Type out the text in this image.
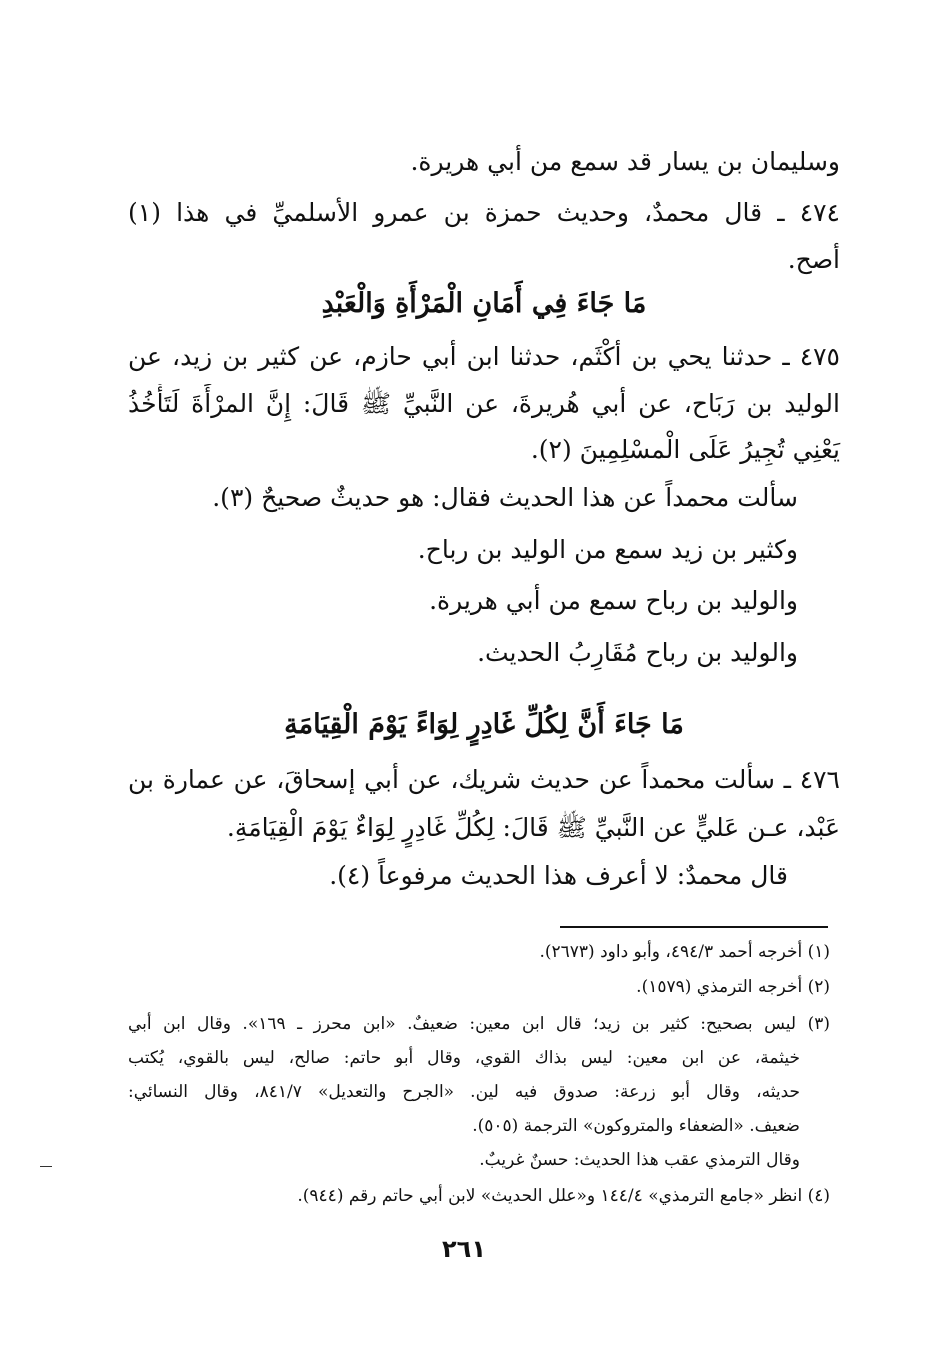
وسليمان بن يسار قد سمع من أبي هريرة.
٤٧٤ ـ قال محمدٌ، وحديث حمزة بن عمرو الأسلميِّ في هذا (١)
أصح.
مَا جَاءَ فِي أَمَانِ الْمَرْأَةِ وَالْعَبْدِ
٤٧٥ ـ حدثنا يحي بن أكْثَم، حدثنا ابن أبي حازم، عن كثير بن زيد، عن
الوليد بن رَبَاح، عن أبي هُريرةَ، عن النَّبيِّ ﷺ قَالَ: إِنَّ المرْأَةَ لَتَأْخُذُ
يَعْنِي تُجِيرُ عَلَى الْمسْلِمِينَ (٢).
سألت محمداً عن هذا الحديث فقال: هو حديثٌ صحيحٌ (٣).
وكثير بن زيد سمع من الوليد بن رباح.
والوليد بن رباح سمع من أبي هريرة.
والوليد بن رباح مُقَارِبُ الحديث.
مَا جَاءَ أَنَّ لِكُلِّ غَادِرٍ لِوَاءً يَوْمَ الْقِيَامَةِ
٤٧٦ ـ سألت محمداً عن حديث شريك، عن أبي إسحاقَ، عن عمارة بن
عَبْد، عـن عَليٍّ عن النَّبيِّ ﷺ قَالَ: لِكُلِّ غَادِرٍ لِوَاءٌ يَوْمَ الْقِيَامَةِ.
قال محمدٌ: لا أعرف هذا الحديث مرفوعاً (٤).
(١) أخرجه أحمد ٤٩٤/٣، وأبو داود (٢٦٧٣).
(٢) أخرجه الترمذي (١٥٧٩).
(٣) ليس بصحيح: كثير بن زيد؛ قال ابن معين: ضعيفٌ. «ابن محرز ـ ١٦٩». وقال ابن أبي
خيثمة، عن ابن معين: ليس بذاك القوي، وقال أبو حاتم: صالح، ليس بالقوي، يُكتب
حديثه، وقال أبو زرعة: صدوق فيه لين. «الجرح والتعديل» ٨٤١/٧، وقال النسائي:
ضعيف. «الضعفاء والمتروكون» الترجمة (٥٠٥).
وقال الترمذي عقب هذا الحديث: حسنٌ غريبٌ.
(٤) انظر «جامع الترمذي» ١٤٤/٤ و«علل الحديث» لابن أبي حاتم رقم (٩٤٤).
٢٦١
